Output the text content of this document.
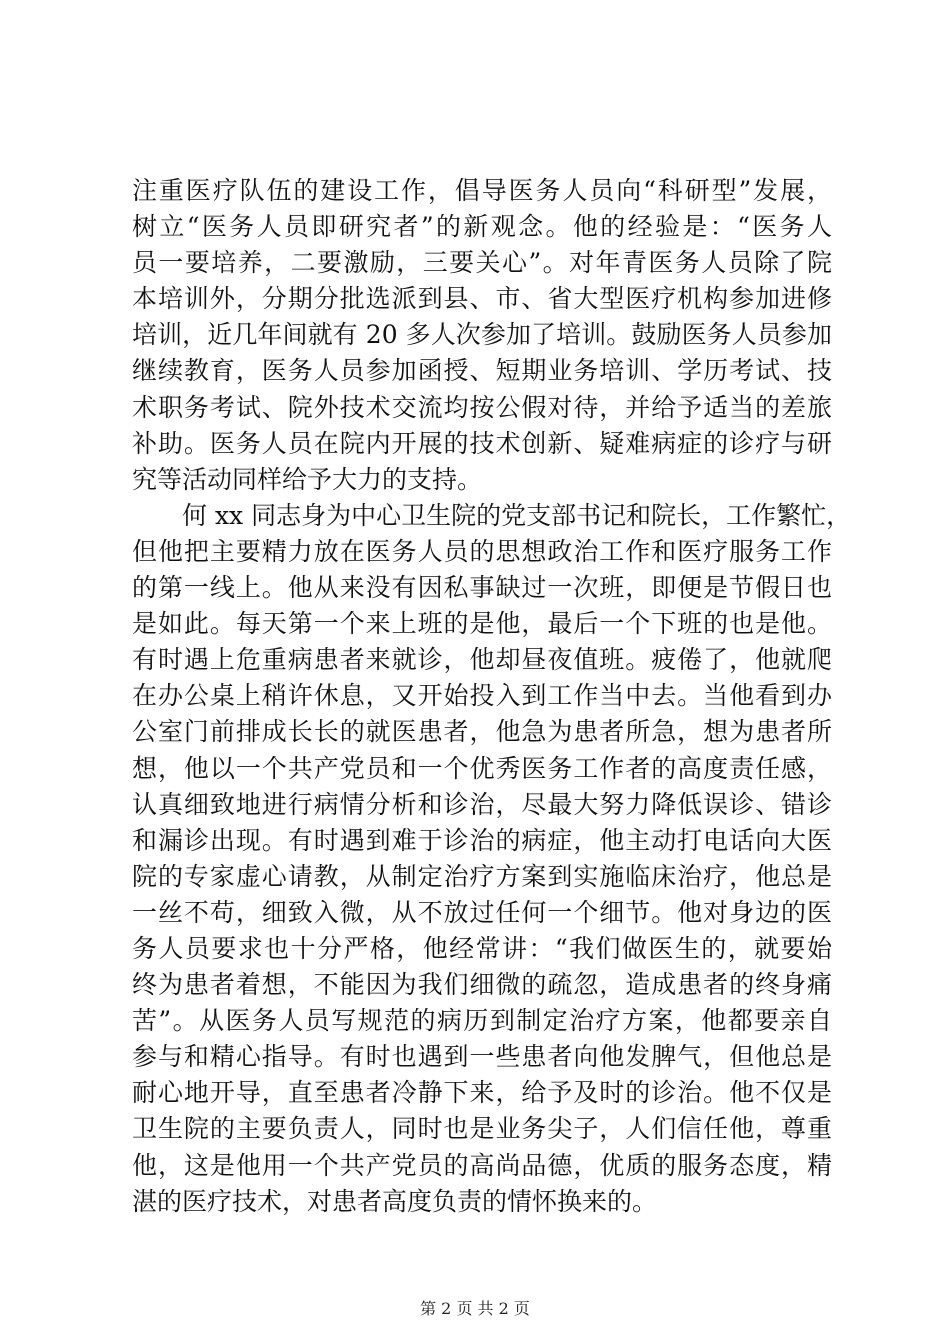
注重医疗队伍的建设工作，倡导医务人员向“科研型”发展，
树立“医务人员即研究者”的新观念。他的经验是：“医务人
员一要培养，二要激励，三要关心”。对年青医务人员除了院
本培训外，分期分批选派到县、市、省大型医疗机构参加进修
培训，近几年间就有 20 多人次参加了培训。鼓励医务人员参加
继续教育，医务人员参加函授、短期业务培训、学历考试、技
术职务考试、院外技术交流均按公假对待，并给予适当的差旅
补助。医务人员在院内开展的技术创新、疑难病症的诊疗与研
究等活动同样给予大力的支持。
　　何 xx 同志身为中心卫生院的党支部书记和院长，工作繁忙，
但他把主要精力放在医务人员的思想政治工作和医疗服务工作
的第一线上。他从来没有因私事缺过一次班，即便是节假日也
是如此。每天第一个来上班的是他，最后一个下班的也是他。
有时遇上危重病患者来就诊，他却昼夜值班。疲倦了，他就爬
在办公桌上稍许休息，又开始投入到工作当中去。当他看到办
公室门前排成长长的就医患者，他急为患者所急，想为患者所
想，他以一个共产党员和一个优秀医务工作者的高度责任感，
认真细致地进行病情分析和诊治，尽最大努力降低误诊、错诊
和漏诊出现。有时遇到难于诊治的病症，他主动打电话向大医
院的专家虚心请教，从制定治疗方案到实施临床治疗，他总是
一丝不苟，细致入微，从不放过任何一个细节。他对身边的医
务人员要求也十分严格，他经常讲：“我们做医生的，就要始
终为患者着想，不能因为我们细微的疏忽，造成患者的终身痛
苦”。从医务人员写规范的病历到制定治疗方案，他都要亲自
参与和精心指导。有时也遇到一些患者向他发脾气，但他总是
耐心地开导，直至患者冷静下来，给予及时的诊治。他不仅是
卫生院的主要负责人，同时也是业务尖子，人们信任他，尊重
他，这是他用一个共产党员的高尚品德，优质的服务态度，精
湛的医疗技术，对患者高度负责的情怀换来的。
第 2 页 共 2 页
